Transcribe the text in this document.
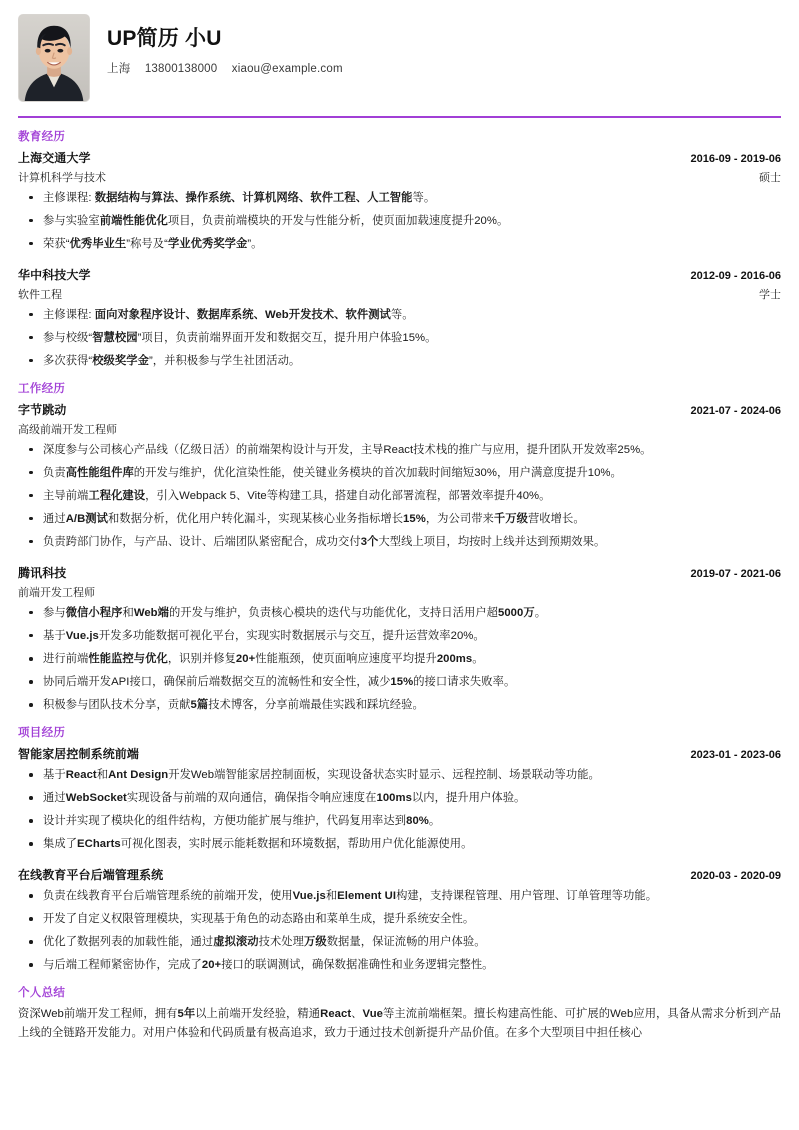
UP简历 小U
上海 13800138000 xiaou@example.com
教育经历
上海交通大学	2016-09 - 2019-06
计算机科学与技术	硕士
主修课程: 数据结构与算法、操作系统、计算机网络、软件工程、人工智能等。
参与实验室前端性能优化项目，负责前端模块的开发与性能分析，使页面加载速度提升20%。
荣获“优秀毕业生”称号及“学业优秀奖学金”。
华中科技大学	2012-09 - 2016-06
软件工程	学士
主修课程: 面向对象程序设计、数据库系统、Web开发技术、软件测试等。
参与校级“智慧校园”项目，负责前端界面开发和数据交互，提升用户体验15%。
多次获得“校级奖学金”，并积极参与学生社团活动。
工作经历
字节跳动	2021-07 - 2024-06
高级前端开发工程师
深度参与公司核心产品线（亿级日活）的前端架构设计与开发，主导React技术栈的推广与应用，提升团队开发效率25%。
负责高性能组件库的开发与维护，优化渲染性能，使关键业务模块的首次加载时间缩短30%，用户满意度提升10%。
主导前端工程化建设，引入Webpack 5、Vite等构建工具，搭建自动化部署流程，部署效率提升40%。
通过A/B测试和数据分析，优化用户转化漏斗，实现某核心业务指标增长15%，为公司带来千万级营收增长。
负责跨部门协作，与产品、设计、后端团队紧密配合，成功交付3个大型线上项目，均按时上线并达到预期效果。
腾讯科技	2019-07 - 2021-06
前端开发工程师
参与微信小程序和Web端的开发与维护，负责核心模块的迭代与功能优化，支持日活用户超5000万。
基于Vue.js开发多功能数据可视化平台，实现实时数据展示与交互，提升运营效率20%。
进行前端性能监控与优化，识别并修复20+性能瓶颈，使页面响应速度平均提升200ms。
协同后端开发API接口，确保前后端数据交互的流畅性和安全性，减少15%的接口请求失败率。
积极参与团队技术分享，贡献5篇技术博客，分享前端最佳实践和踩坑经验。
项目经历
智能家居控制系统前端	2023-01 - 2023-06
基于React和Ant Design开发Web端智能家居控制面板，实现设备状态实时显示、远程控制、场景联动等功能。
通过WebSocket实现设备与前端的双向通信，确保指令响应速度在100ms以内，提升用户体验。
设计并实现了模块化的组件结构，方便功能扩展与维护，代码复用率达到80%。
集成了ECharts可视化图表，实时展示能耗数据和环境数据，帮助用户优化能源使用。
在线教育平台后端管理系统	2020-03 - 2020-09
负责在线教育平台后端管理系统的前端开发，使用Vue.js和Element UI构建，支持课程管理、用户管理、订单管理等功能。
开发了自定义权限管理模块，实现基于角色的动态路由和菜单生成，提升系统安全性。
优化了数据列表的加载性能，通过虚拟滚动技术处理万级数据量，保证流畅的用户体验。
与后端工程师紧密协作，完成了20+接口的联调测试，确保数据准确性和业务逻辑完整性。
个人总结
资深Web前端开发工程师，拥有5年以上前端开发经验，精通React、Vue等主流前端框架。擅长构建高性能、可扩展的Web应用，具备从需求分析到产品上线的全链路开发能力。对用户体验和代码质量有极高追求，致力于通过技术创新提升产品价值。在多个大型项目中担任核心
